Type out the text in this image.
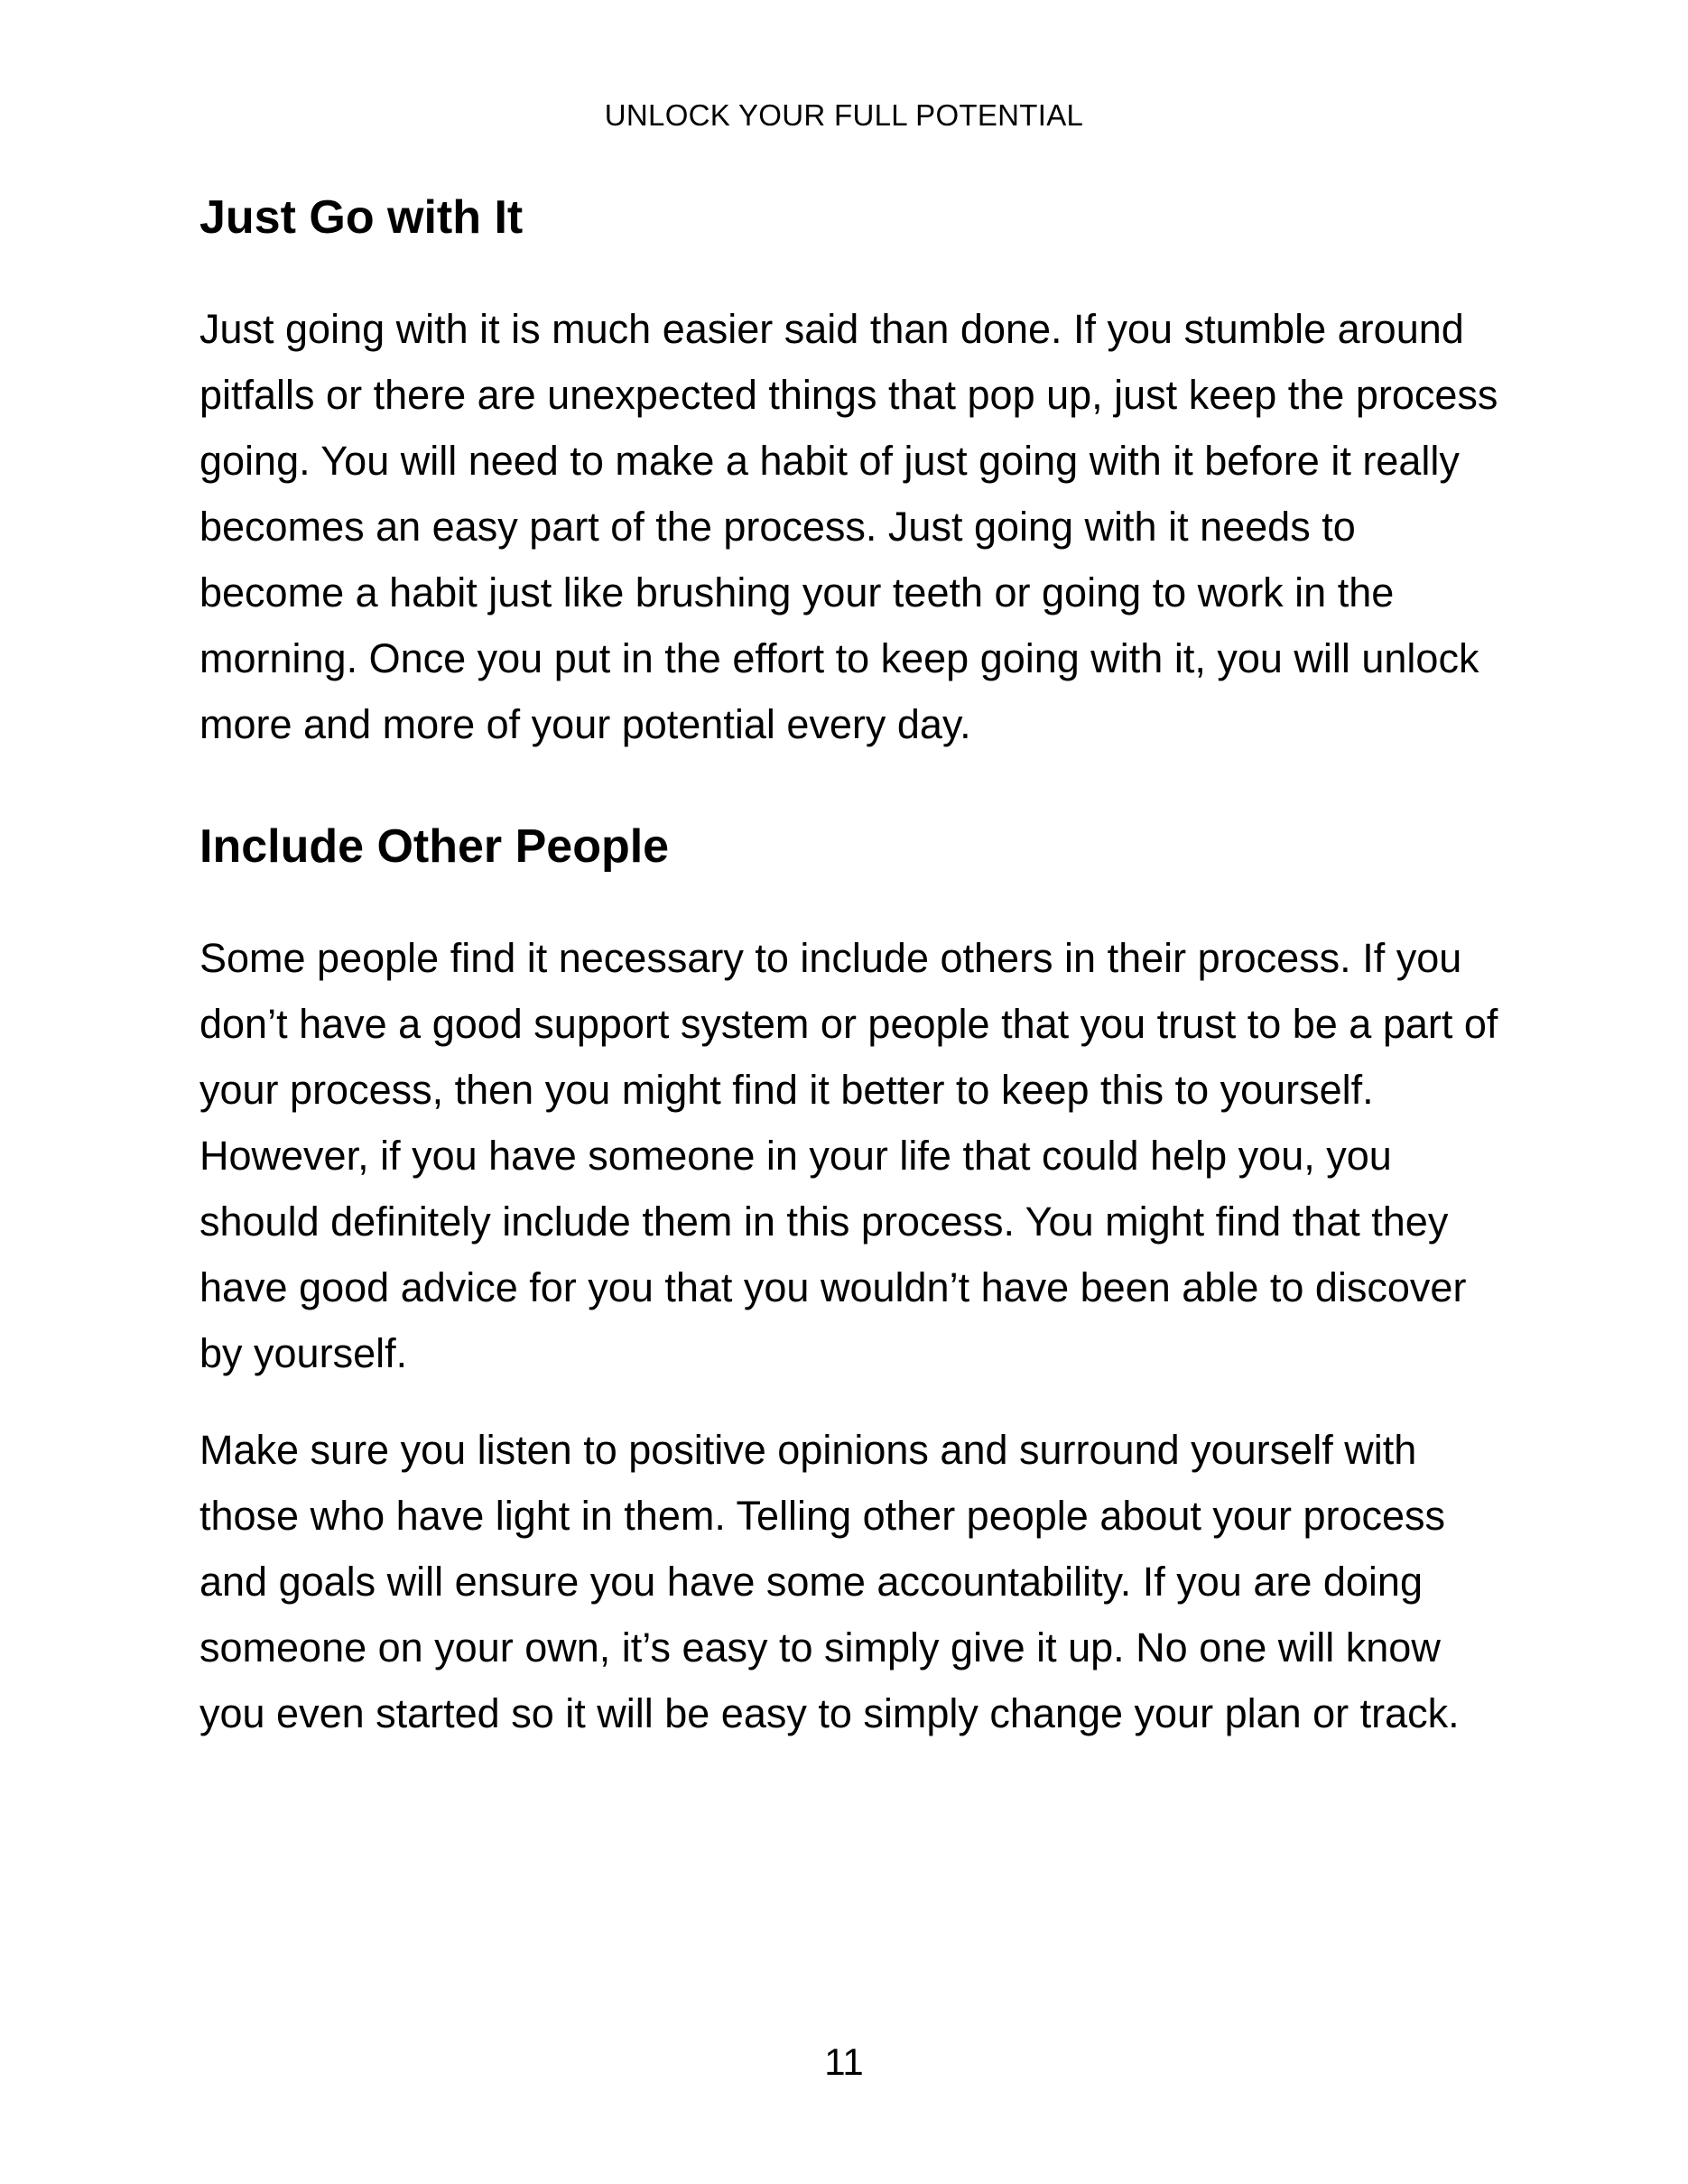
UNLOCK YOUR FULL POTENTIAL
Just Go with It

Just going with it is much easier said than done. If you stumble around pitfalls or there are unexpected things that pop up, just keep the process going. You will need to make a habit of just going with it before it really becomes an easy part of the process. Just going with it needs to become a habit just like brushing your teeth or going to work in the morning. Once you put in the effort to keep going with it, you will unlock more and more of your potential every day.

Include Other People

Some people find it necessary to include others in their process. If you don’t have a good support system or people that you trust to be a part of your process, then you might find it better to keep this to yourself. However, if you have someone in your life that could help you, you should definitely include them in this process. You might find that they have good advice for you that you wouldn’t have been able to discover by yourself.

Make sure you listen to positive opinions and surround yourself with those who have light in them. Telling other people about your process and goals will ensure you have some accountability. If you are doing someone on your own, it’s easy to simply give it up. No one will know you even started so it will be easy to simply change your plan or track.

11
